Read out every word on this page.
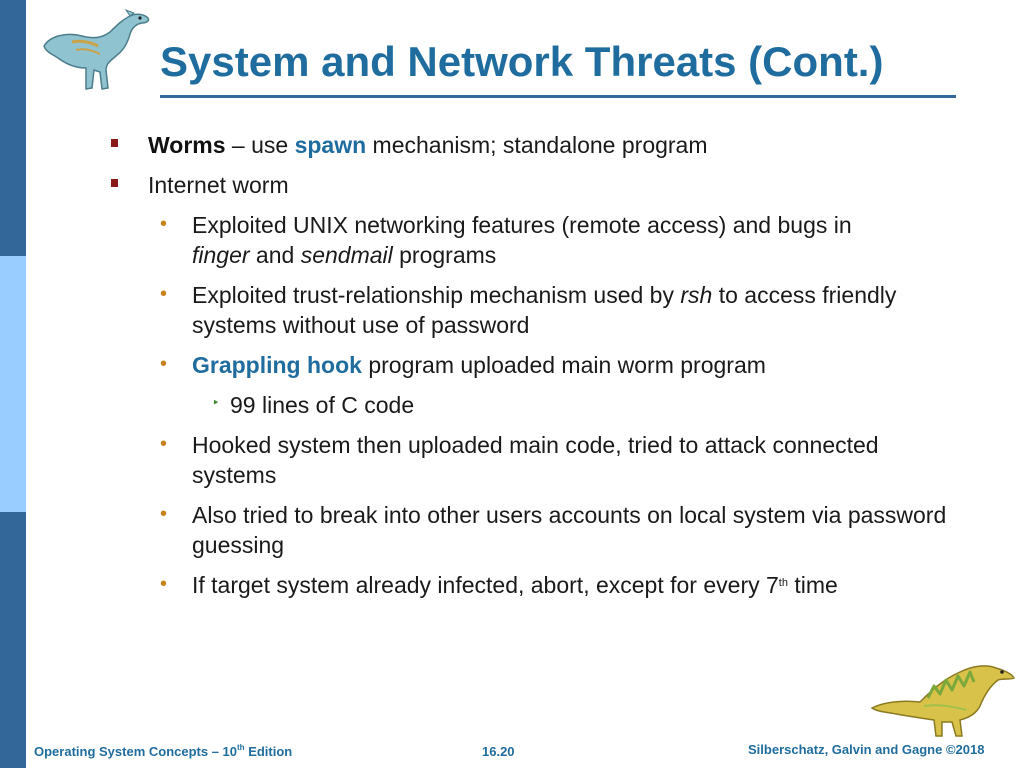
System and Network Threats (Cont.)
Worms – use spawn mechanism; standalone program
Internet worm
• Exploited UNIX networking features (remote access) and bugs in
finger and sendmail programs
• Exploited trust-relationship mechanism used by rsh to access friendly systems without use of password
• Grappling hook program uploaded main worm program
‣ 99 lines of C code
• Hooked system then uploaded main code, tried to attack connected systems
• Also tried to break into other users accounts on local system via password guessing
• If target system already infected, abort, except for every 7th time
Operating System Concepts – 10th Edition	16.20	Silberschatz, Galvin and Gagne ©2018
